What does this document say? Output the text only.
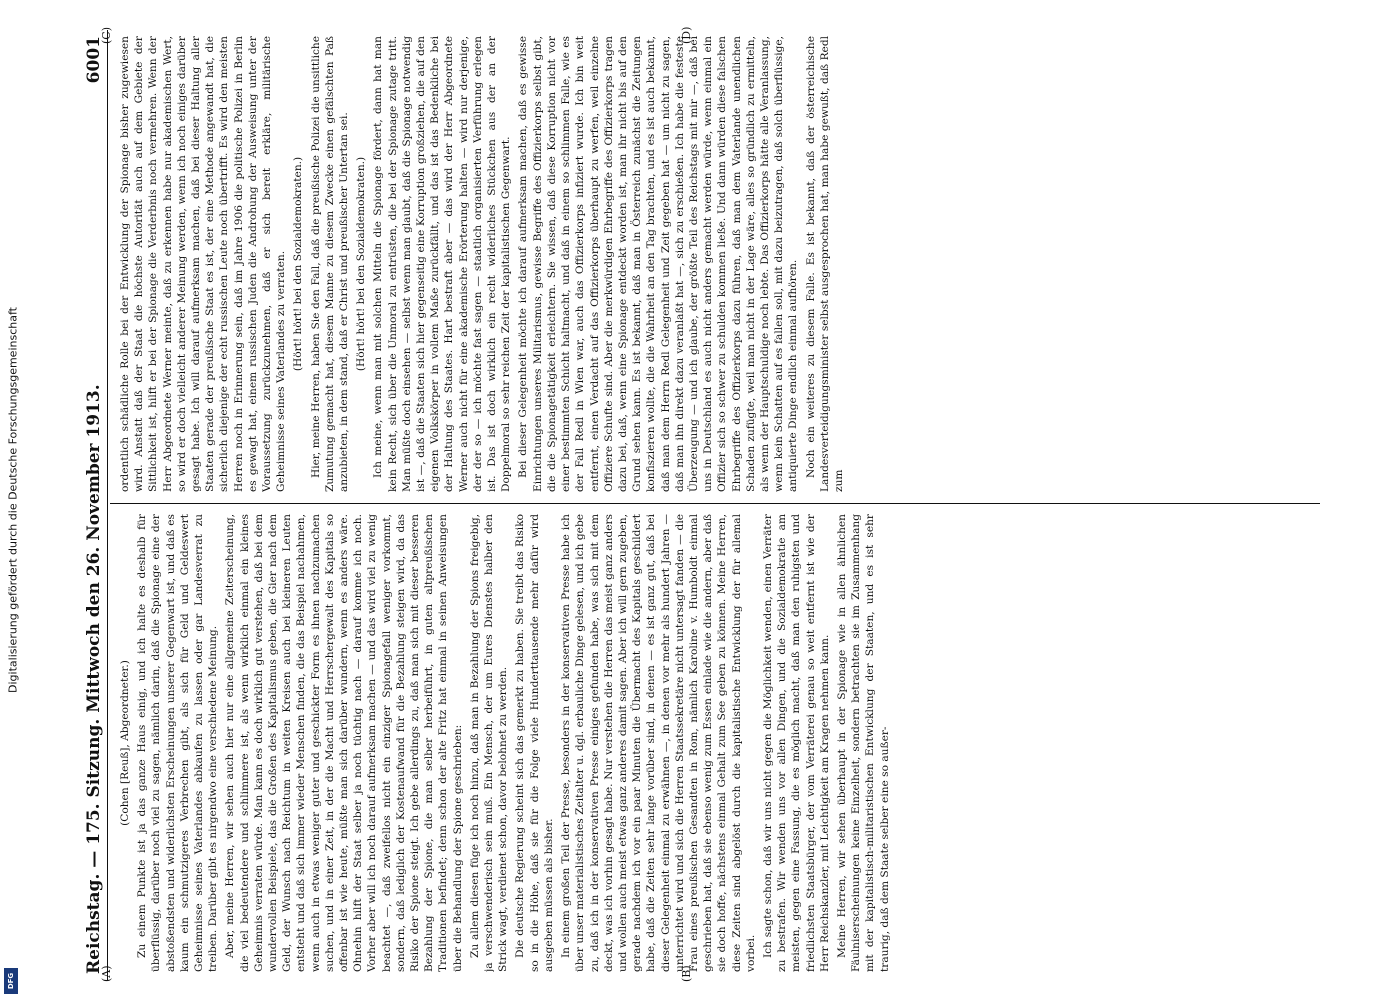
Digitalisierung gefördert durch die Deutsche Forschungsgemeinschaft
DFG
Reichstag. — 175. Sitzung. Mittwoch den 26. November 1913.
6001
(A)	(B)
(C)	(D)

(Cohen [Reuß], Abgeordneter.) Zu einem Punkte ist ja das ganze Haus einig, und ich halte es deshalb für überflüssig, darüber noch viel zu sagen, nämlich darin, daß die Spionage eine der abstoßendsten und widerlichsten Erscheinungen unserer Gegenwart ist, und daß es kaum ein schmutzigeres Verbrechen gibt, als sich für Geld und Geldeswert Geheimnisse seines Vaterlandes abkaufen zu lassen oder gar Landesverrat zu treiben. Darüber gibt es nirgendwo eine verschiedene Meinung. Aber, meine Herren, wir sehen auch hier nur eine allgemeine Zeiterscheinung, die viel bedeutendere und schlimmere ist, als wenn wirklich einmal ein kleines Geheimnis verraten würde. Man kann es doch wirklich gut verstehen, daß bei dem wundervollen Beispiele, das die Großen des Kapitalismus geben, die Gier nach dem Geld, der Wunsch nach Reichtum in weiten Kreisen auch bei kleineren Leuten entsteht und daß sich immer wieder Menschen finden, die das Beispiel nachahmen, wenn auch in etwas weniger guter und geschickter Form es ihnen nachzumachen suchen, und in einer Zeit, in der die Macht und Herrschergewalt des Kapitals so offenbar ist wie heute, müßte man sich darüber wundern, wenn es anders wäre. Ohnehin hilft der Staat selber ja noch tüchtig nach — darauf komme ich noch. Vorher aber will ich noch darauf aufmerksam machen — und das wird viel zu wenig beachtet —, daß zweifellos nicht ein einziger Spionagefall weniger vorkommt, sondern, daß lediglich der Kostenaufwand für die Bezahlung steigen wird, da das Risiko der Spione steigt. Ich gebe allerdings zu, daß man sich mit dieser besseren Bezahlung der Spione, die man selber herbeiführt, in guten altpreußischen Traditionen befindet; denn schon der alte Fritz hat einmal in seinen Anweisungen über die Behandlung der Spione geschrieben: Zu allem diesen füge ich noch hinzu, daß man in Bezahlung der Spions freigebig, ja verschwenderisch sein muß. Ein Mensch, der um Eures Dienstes halber den Strick wagt, verdienet schon, davor belohnet zu werden. Die deutsche Regierung scheint sich das gemerkt zu haben. Sie treibt das Risiko so in die Höhe, daß sie für die Folge viele Hunderttausende mehr dafür wird ausgeben müssen als bisher. In einem großen Teil der Presse, besonders in der konservativen Presse habe ich über unser materialistisches Zeitalter u. dgl. erbauliche Dinge gelesen, und ich gebe zu, daß ich in der konservativen Presse einiges gefunden habe, was sich mit dem deckt, was ich vorhin gesagt habe. Nur verstehen die Herren das meist ganz anders und wollen auch meist etwas ganz anderes damit sagen. Aber ich will gern zugeben, gerade nachdem ich vor ein paar Minuten die Übermacht des Kapitals geschildert habe, daß die Zeiten sehr lange vorüber sind, in denen — es ist ganz gut, daß bei dieser Gelegenheit einmal zu erwähnen —, in denen vor mehr als hundert Jahren — unterrichtet wird und sich die Herren Staatssekretäre nicht untersagt fanden — die Frau eines preußischen Gesandten in Rom, nämlich Karoline v. Humboldt einmal geschrieben hat, daß sie ebenso wenig zum Essen einlade wie die andern, aber daß sie doch hoffe, nächstens einmal Gehalt zum See geben zu können. Meine Herren, diese Zeiten sind abgelöst durch die kapitalistische Entwicklung der für allemal vorbei. Ich sagte schon, daß wir uns nicht gegen die Möglichkeit wenden, einen Verräter zu bestrafen. Wir wenden uns vor allen Dingen, und die Sozialdemokratie am meisten, gegen eine Fassung, die es möglich macht, daß man den ruhigsten und friedlichsten Staatsbürger, der vom Verräterei genau so weit entfernt ist wie der Herr Reichskanzler, mit Leichtigkeit am Kragen nehmen kann. Meine Herren, wir sehen überhaupt in der Spionage wie in allen ähnlichen Fäulniserscheinungen keine Einzelheit, sondern betrachten sie im Zusammenhang mit der kapitalistisch-militaristischen Entwicklung der Staaten, und es ist sehr traurig, daß dem Staate selber eine so außer-

ordentlich schädliche Rolle bei der Entwicklung der Spionage bisher zugewiesen wird. Anstatt daß der Staat die höchste Autorität auch auf dem Gebiete der Sittlichkeit ist, hilft er bei der Spionage die Verderbnis noch vermehren. Wenn der Herr Abgeordnete Werner meinte, daß zu erkennen habe nur akademischen Wert, so wird er doch vielleicht anderer Meinung werden, wenn ich noch einiges darüber gesagt habe. Ich will darauf aufmerksam machen, daß bei dieser Haltung aller Staaten gerade der preußische Staat es ist, der eine Methode angewandt hat, die sicherlich diejenige der echt russischen Leute noch übertrifft. Es wird den meisten Herren noch in Erinnerung sein, daß im Jahre 1906 die politische Polizei in Berlin es gewagt hat, einem russischen Juden die Androhung der Ausweisung unter der Voraussetzung zurückzunehmen, daß er sich bereit erkläre, militärische Geheimnisse seines Vaterlandes zu verraten. (Hört! hört! bei den Sozialdemokraten.) Hier, meine Herren, haben Sie den Fall, daß die preußische Polizei die unsittliche Zumutung gemacht hat, diesem Manne zu diesem Zwecke einen gefälschten Paß anzubieten, in dem stand, daß er Christ und preußischer Untertan sei. (Hört! hört! bei den Sozialdemokraten.) Ich meine, wenn man mit solchen Mitteln die Spionage fördert, dann hat man kein Recht, sich über die Unmoral zu entrüsten, die bei der Spionage zutage tritt. Man müßte doch einsehen — selbst wenn man glaubt, daß die Spionage notwendig ist —, daß die Staaten sich hier gegenseitig eine Korruption großziehen, die auf den eigenen Volkskörper in vollem Maße zurückfällt, und das ist das Bedenkliche bei der Haltung des Staates. Hart bestraft aber — das wird der Herr Abgeordnete Werner auch nicht für eine akademische Erörterung halten — wird nur derjenige, der der so — ich möchte fast sagen — staatlich organisierten Verführung erlegen ist. Das ist doch wirklich ein recht widerliches Stückchen aus der an der Doppelmoral so sehr reichen Zeit der kapitalistischen Gegenwart. Bei dieser Gelegenheit möchte ich darauf aufmerksam machen, daß es gewisse Einrichtungen unseres Militarismus, gewisse Begriffe des Offizierkorps selbst gibt, die die Spionagetätigkeit erleichtern. Sie wissen, daß diese Korruption nicht vor einer bestimmten Schicht haltmacht, und daß in einem so schlimmen Falle, wie es der Fall Redl in Wien war, auch das Offizierkorps infiziert wurde. Ich bin weit entfernt, einen Verdacht auf das Offizierkorps überhaupt zu werfen, weil einzelne Offiziere Schufte sind. Aber die merkwürdigen Ehrbegriffe des Offizierkorps tragen dazu bei, daß, wenn eine Spionage entdeckt worden ist, man ihr nicht bis auf den Grund sehen kann. Es ist bekannt, daß man in Österreich zunächst die Zeitungen konfiszieren wollte, die die Wahrheit an den Tag brachten, und es ist auch bekannt, daß man dem Herrn Redl Gelegenheit und Zeit gegeben hat — um nicht zu sagen, daß man ihn direkt dazu veranlaßt hat —, sich zu erschießen. Ich habe die festeste Überzeugung — und ich glaube, der größte Teil des Reichstags mit mir —, daß bei uns in Deutschland es auch nicht anders gemacht werden würde, wenn einmal ein Offizier sich so schwer zu schulden kommen ließe. Und dann würden diese falschen Ehrbegriffe des Offizierkorps dazu führen, daß man dem Vaterlande unendlichen Schaden zufügte, weil man nicht in der Lage wäre, alles so gründlich zu ermitteln, als wenn der Hauptschuldige noch lebte. Das Offizierkorps hätte alle Veranlassung, wenn kein Schatten auf es fallen soll, mit dazu beizutragen, daß solch überflüssige, antiquierte Dinge endlich einmal aufhören. Noch ein weiteres zu diesem Falle. Es ist bekannt, daß der österreichische Landesverteidigungsminister selbst ausgesprochen hat, man habe gewußt, daß Redl zum
